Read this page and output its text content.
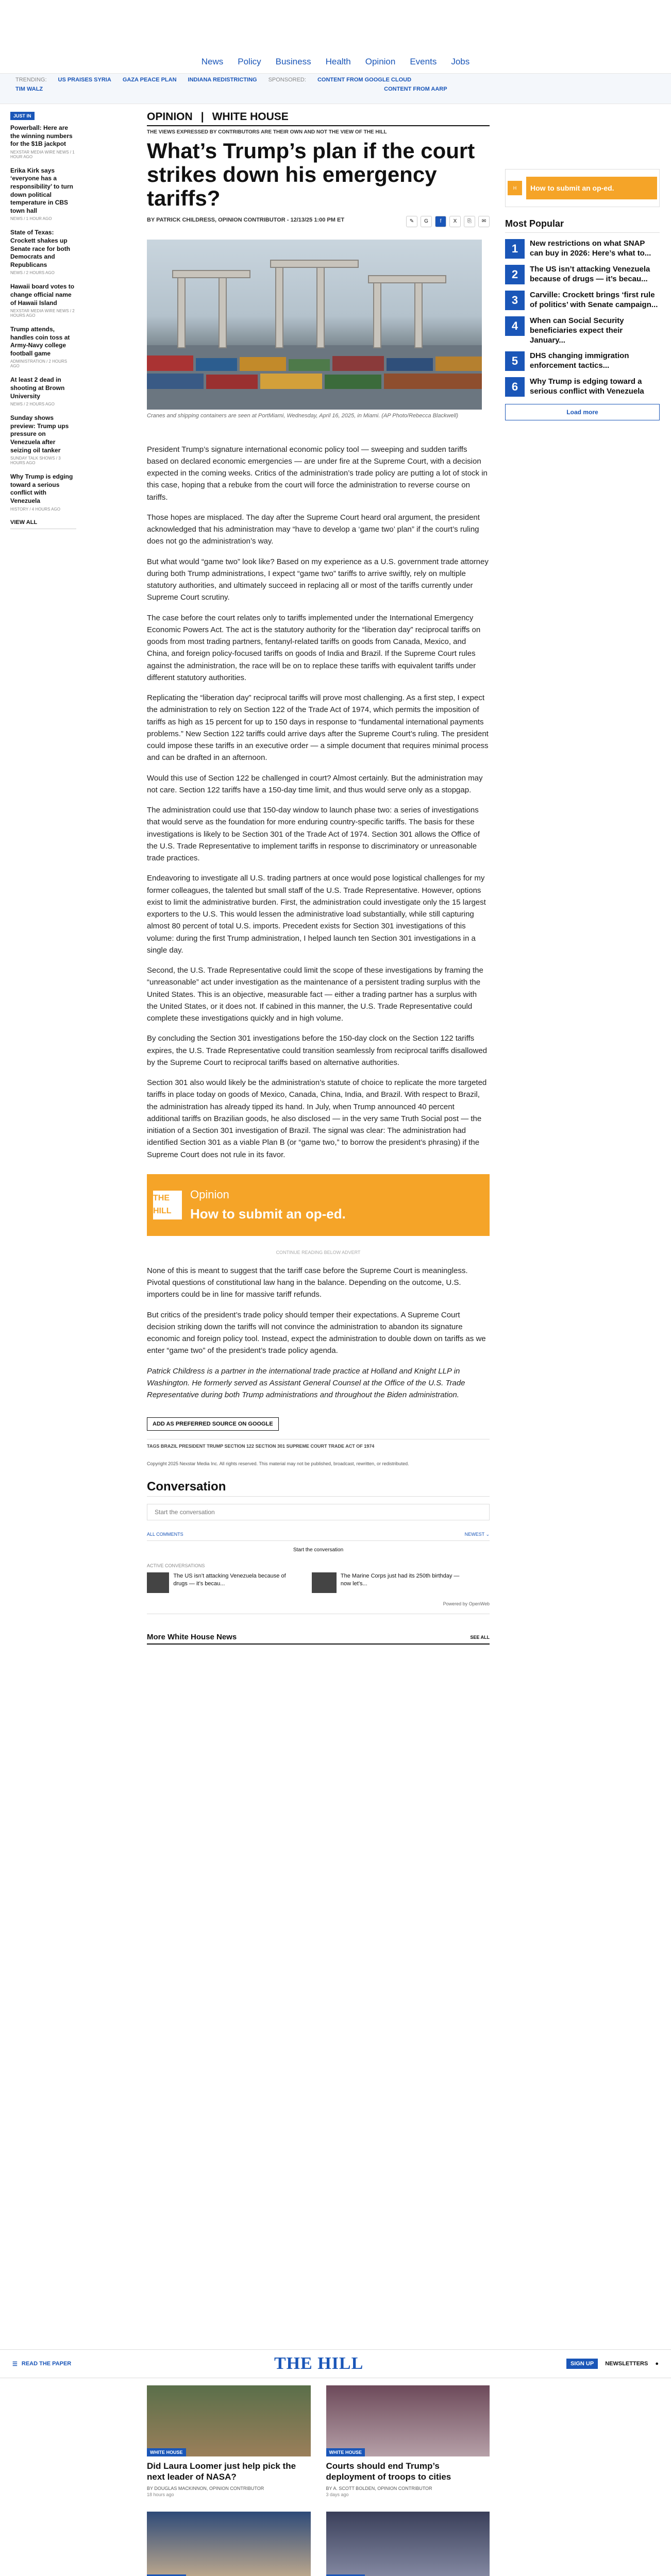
News Policy Business Health Opinion Events Jobs
TRENDING: US PRAISES SYRIA GAZA PEACE PLAN INDIANA REDISTRICTING SPONSORED: CONTENT FROM GOOGLE CLOUD
TIM WALZ	CONTENT FROM AARP
JUST IN
Powerball: Here are the winning numbers for the $1B jackpot
NEXSTAR MEDIA WIRE NEWS / 1 HOUR AGO
Erika Kirk says ‘everyone has a responsibility’ to turn down political temperature in CBS town hall
NEWS / 1 HOUR AGO
State of Texas: Crockett shakes up Senate race for both Democrats and Republicans
NEWS / 2 HOURS AGO
Hawaii board votes to change official name of Hawaii Island
NEXSTAR MEDIA WIRE NEWS / 2 HOURS AGO
Trump attends, handles coin toss at Army-Navy college football game
ADMINISTRATION / 2 HOURS AGO
At least 2 dead in shooting at Brown University
NEWS / 2 HOURS AGO
Sunday shows preview: Trump ups pressure on Venezuela after seizing oil tanker
SUNDAY TALK SHOWS / 3 HOURS AGO
Why Trump is edging toward a serious conflict with Venezuela
HISTORY / 4 HOURS AGO
VIEW ALL
OPINION | WHITE HOUSE
THE VIEWS EXPRESSED BY CONTRIBUTORS ARE THEIR OWN AND NOT THE VIEW OF THE HILL
What’s Trump’s plan if the court strikes down his emergency tariffs?
BY PATRICK CHILDRESS, OPINION CONTRIBUTOR - 12/13/25 1:00 PM ET	✎	G	f	X	⎘	✉
Cranes and shipping containers are seen at PortMiami, Wednesday, April 16, 2025, in Miami. (AP Photo/Rebecca Blackwell)

President Trump’s signature international economic policy tool — sweeping and sudden tariffs based on declared economic emergencies — are under fire at the Supreme Court, with a decision expected in the coming weeks. Critics of the administration’s trade policy are putting a lot of stock in this case, hoping that a rebuke from the court will force the administration to reverse course on tariffs.

Those hopes are misplaced. The day after the Supreme Court heard oral argument, the president acknowledged that his administration may “have to develop a ‘game two’ plan” if the court’s ruling does not go the administration’s way.

But what would “game two” look like? Based on my experience as a U.S. government trade attorney during both Trump administrations, I expect “game two” tariffs to arrive swiftly, rely on multiple statutory authorities, and ultimately succeed in replacing all or most of the tariffs currently under Supreme Court scrutiny.

The case before the court relates only to tariffs implemented under the International Emergency Economic Powers Act. The act is the statutory authority for the “liberation day” reciprocal tariffs on goods from most trading partners, fentanyl-related tariffs on goods from Canada, Mexico, and China, and foreign policy-focused tariffs on goods of India and Brazil. If the Supreme Court rules against the administration, the race will be on to replace these tariffs with equivalent tariffs under different statutory authorities.

Replicating the “liberation day” reciprocal tariffs will prove most challenging. As a first step, I expect the administration to rely on Section 122 of the Trade Act of 1974, which permits the imposition of tariffs as high as 15 percent for up to 150 days in response to “fundamental international payments problems.” New Section 122 tariffs could arrive days after the Supreme Court’s ruling. The president could impose these tariffs in an executive order — a simple document that requires minimal process and can be drafted in an afternoon.

Would this use of Section 122 be challenged in court? Almost certainly. But the administration may not care. Section 122 tariffs have a 150-day time limit, and thus would serve only as a stopgap.

The administration could use that 150-day window to launch phase two: a series of investigations that would serve as the foundation for more enduring country-specific tariffs. The basis for these investigations is likely to be Section 301 of the Trade Act of 1974. Section 301 allows the Office of the U.S. Trade Representative to implement tariffs in response to discriminatory or unreasonable trade practices.

Endeavoring to investigate all U.S. trading partners at once would pose logistical challenges for my former colleagues, the talented but small staff of the U.S. Trade Representative. However, options exist to limit the administrative burden. First, the administration could investigate only the 15 largest exporters to the U.S. This would lessen the administrative load substantially, while still capturing almost 80 percent of total U.S. imports. Precedent exists for Section 301 investigations of this volume: during the first Trump administration, I helped launch ten Section 301 investigations in a single day.

Second, the U.S. Trade Representative could limit the scope of these investigations by framing the “unreasonable” act under investigation as the maintenance of a persistent trading surplus with the United States. This is an objective, measurable fact — either a trading partner has a surplus with the United States, or it does not. If cabined in this manner, the U.S. Trade Representative could complete these investigations quickly and in high volume.

By concluding the Section 301 investigations before the 150-day clock on the Section 122 tariffs expires, the U.S. Trade Representative could transition seamlessly from reciprocal tariffs disallowed by the Supreme Court to reciprocal tariffs based on alternative authorities.

Section 301 also would likely be the administration’s statute of choice to replicate the more targeted tariffs in place today on goods of Mexico, Canada, China, India, and Brazil. With respect to Brazil, the administration has already tipped its hand. In July, when Trump announced 40 percent additional tariffs on Brazilian goods, he also disclosed — in the very same Truth Social post — the initiation of a Section 301 investigation of Brazil. The signal was clear: The administration had identified Section 301 as a viable Plan B (or “game two,” to borrow the president’s phrasing) if the Supreme Court does not rule in its favor.

THE HILL
Opinion
How to submit an op-ed.
CONTINUE READING BELOW ADVERT

None of this is meant to suggest that the tariff case before the Supreme Court is meaningless. Pivotal questions of constitutional law hang in the balance. Depending on the outcome, U.S. importers could be in line for massive tariff refunds.

But critics of the president’s trade policy should temper their expectations. A Supreme Court decision striking down the tariffs will not convince the administration to abandon its signature economic and foreign policy tool. Instead, expect the administration to double down on tariffs as we enter “game two” of the president’s trade policy agenda.

Patrick Childress is a partner in the international trade practice at Holland and Knight LLP in Washington. He formerly served as Assistant General Counsel at the Office of the U.S. Trade Representative during both Trump administrations and throughout the Biden administration.

ADD AS PREFERRED SOURCE ON GOOGLE
TAGS BRAZIL PRESIDENT TRUMP SECTION 122 SECTION 301 SUPREME COURT TRADE ACT OF 1974
Copyright 2025 Nexstar Media Inc. All rights reserved. This material may not be published, broadcast, rewritten, or redistributed.
Conversation
Start the conversation
ALL COMMENTS	NEWEST ⌄
Start the conversation
ACTIVE CONVERSATIONS
The US isn’t attacking Venezuela because of drugs — it’s becau...
The Marine Corps just had its 250th birthday — now let’s...
Powered by OpenWeb
More White House News	SEE ALL
H	How to submit an op-ed.
Most Popular
1	New restrictions on what SNAP can buy in 2026: Here’s what to...
2	The US isn’t attacking Venezuela because of drugs — it’s becau...
3	Carville: Crockett brings ‘first rule of politics’ with Senate campaign...
4	When can Social Security beneficiaries expect their January...
5	DHS changing immigration enforcement tactics...
6	Why Trump is edging toward a serious conflict with Venezuela
Load more
☰ READ THE PAPER	THE HILL	SIGN UP	NEWSLETTERS ●
WHITE HOUSE
Did Laura Loomer just help pick the next leader of NASA?
BY DOUGLAS MACKINNON, OPINION CONTRIBUTOR
18 hours ago
WHITE HOUSE
Courts should end Trump’s deployment of troops to cities
BY A. SCOTT BOLDEN, OPINION CONTRIBUTOR
3 days ago
